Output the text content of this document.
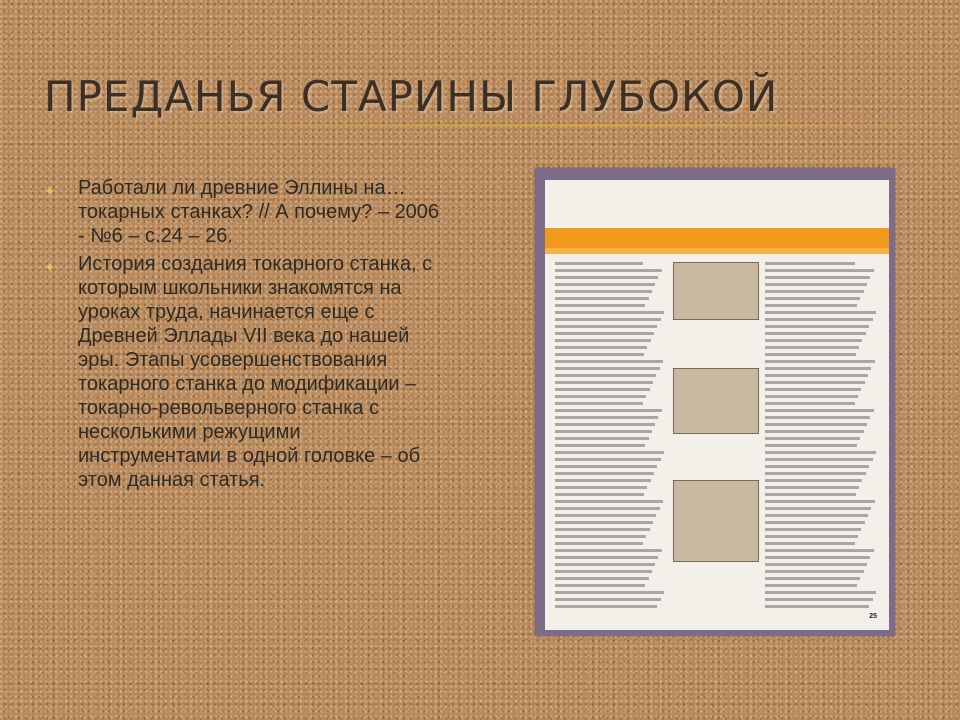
ПРЕДАНЬЯ СТАРИНЫ ГЛУБОКОЙ
✦ Работали ли древние Эллины на… токарных станках? // А почему? – 2006 - №6 – с.24 – 26.
✦ История создания токарного станка, с которым школьники знакомятся на уроках труда, начинается еще с Древней Эллады VII века до нашей эры. Этапы усовершенствования токарного станка до модификации – токарно-револьверного станка с несколькими режущими инструментами в одной головке – об этом данная статья.
25
